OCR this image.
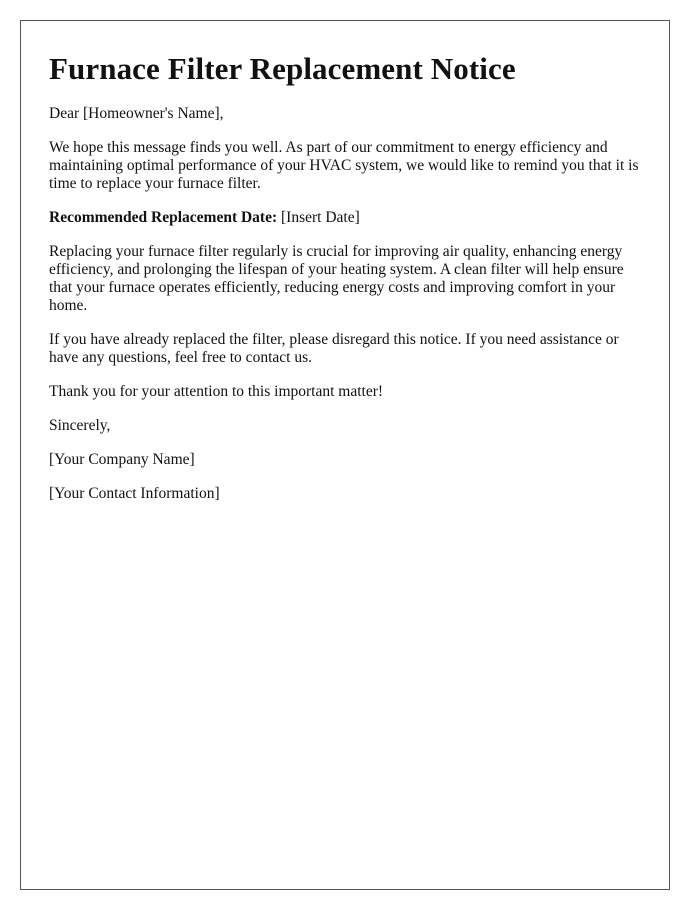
Furnace Filter Replacement Notice

Dear [Homeowner's Name],

We hope this message finds you well. As part of our commitment to energy efficiency and maintaining optimal performance of your HVAC system, we would like to remind you that it is time to replace your furnace filter.

Recommended Replacement Date: [Insert Date]

Replacing your furnace filter regularly is crucial for improving air quality, enhancing energy efficiency, and prolonging the lifespan of your heating system. A clean filter will help ensure that your furnace operates efficiently, reducing energy costs and improving comfort in your home.

If you have already replaced the filter, please disregard this notice. If you need assistance or have any questions, feel free to contact us.

Thank you for your attention to this important matter!

Sincerely,

[Your Company Name]

[Your Contact Information]
